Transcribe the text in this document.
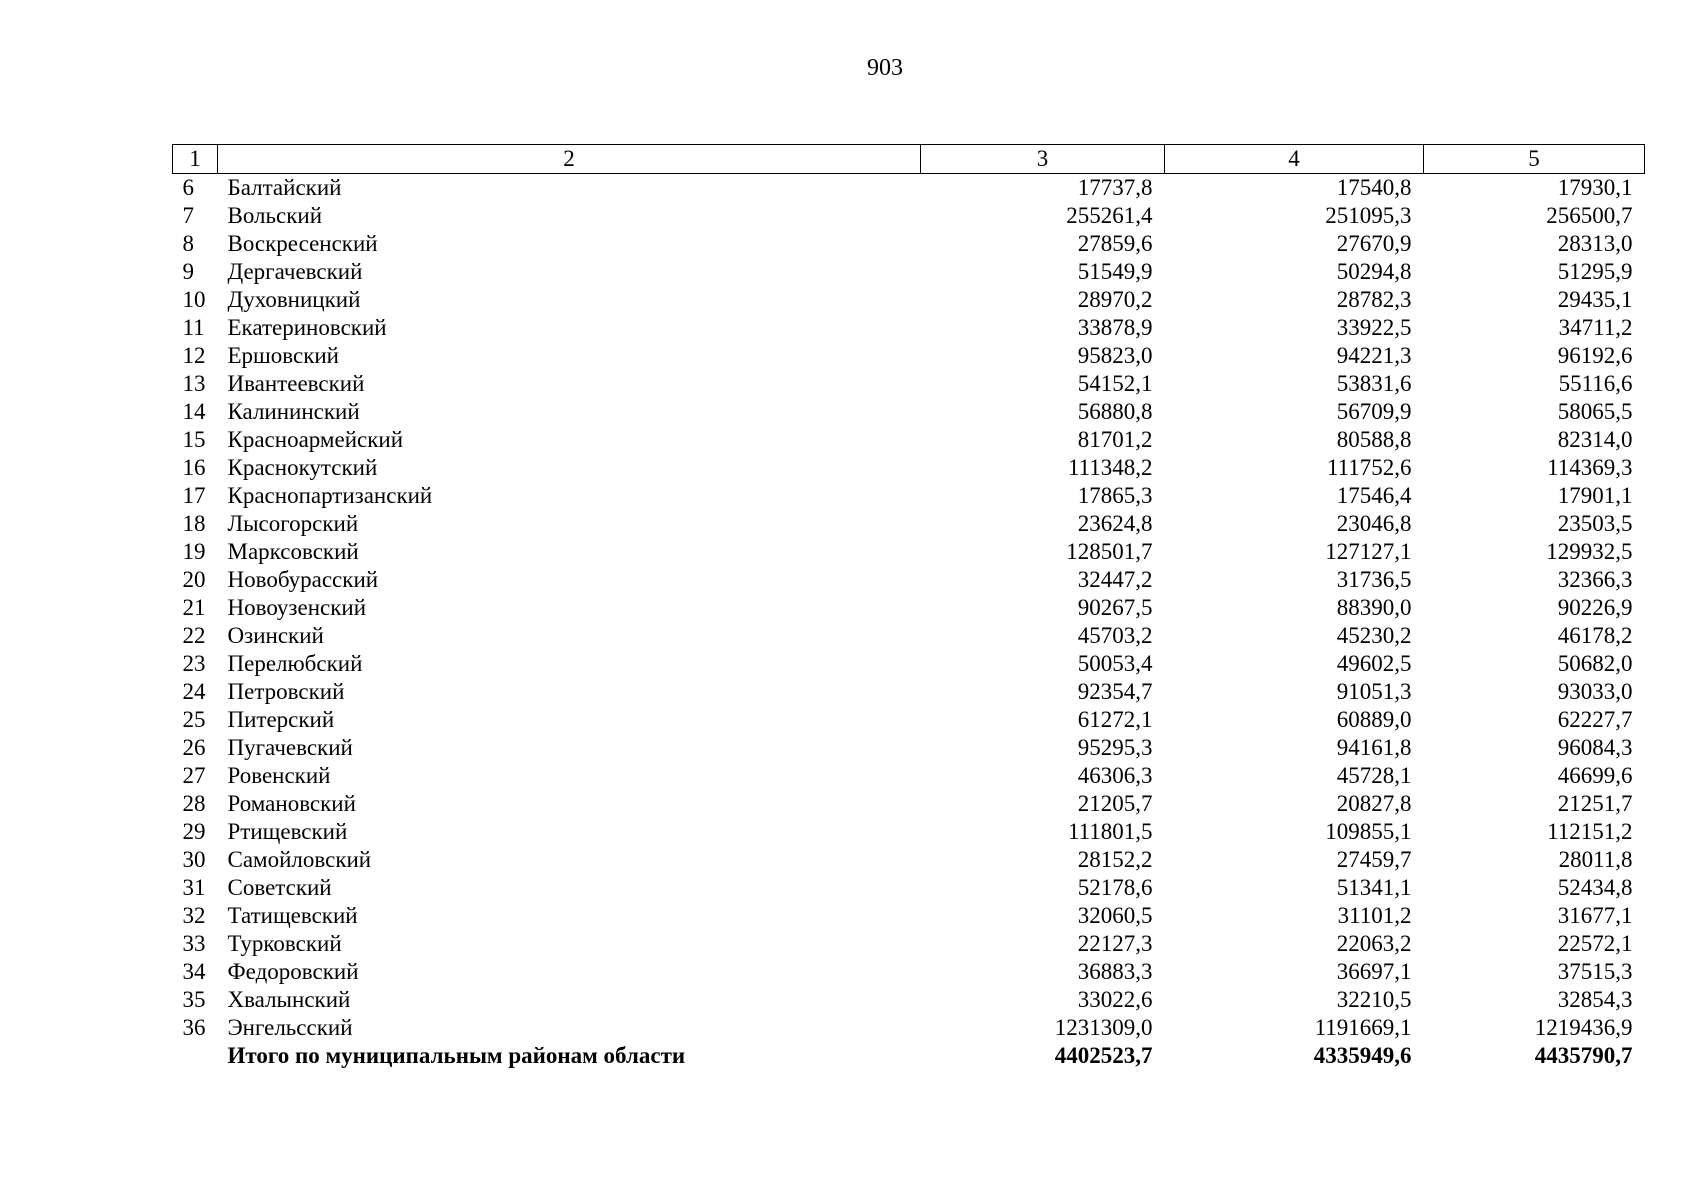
903
1	2	3	4	5
6	Балтайский	17737,8	17540,8	17930,1
7	Вольский	255261,4	251095,3	256500,7
8	Воскресенский	27859,6	27670,9	28313,0
9	Дергачевский	51549,9	50294,8	51295,9
10	Духовницкий	28970,2	28782,3	29435,1
11	Екатериновский	33878,9	33922,5	34711,2
12	Ершовский	95823,0	94221,3	96192,6
13	Ивантеевский	54152,1	53831,6	55116,6
14	Калининский	56880,8	56709,9	58065,5
15	Красноармейский	81701,2	80588,8	82314,0
16	Краснокутский	111348,2	111752,6	114369,3
17	Краснопартизанский	17865,3	17546,4	17901,1
18	Лысогорский	23624,8	23046,8	23503,5
19	Марксовский	128501,7	127127,1	129932,5
20	Новобурасский	32447,2	31736,5	32366,3
21	Новоузенский	90267,5	88390,0	90226,9
22	Озинский	45703,2	45230,2	46178,2
23	Перелюбский	50053,4	49602,5	50682,0
24	Петровский	92354,7	91051,3	93033,0
25	Питерский	61272,1	60889,0	62227,7
26	Пугачевский	95295,3	94161,8	96084,3
27	Ровенский	46306,3	45728,1	46699,6
28	Романовский	21205,7	20827,8	21251,7
29	Ртищевский	111801,5	109855,1	112151,2
30	Самойловский	28152,2	27459,7	28011,8
31	Советский	52178,6	51341,1	52434,8
32	Татищевский	32060,5	31101,2	31677,1
33	Турковский	22127,3	22063,2	22572,1
34	Федоровский	36883,3	36697,1	37515,3
35	Хвалынский	33022,6	32210,5	32854,3
36	Энгельсский	1231309,0	1191669,1	1219436,9
	Итого по муниципальным районам области	4402523,7	4335949,6	4435790,7
